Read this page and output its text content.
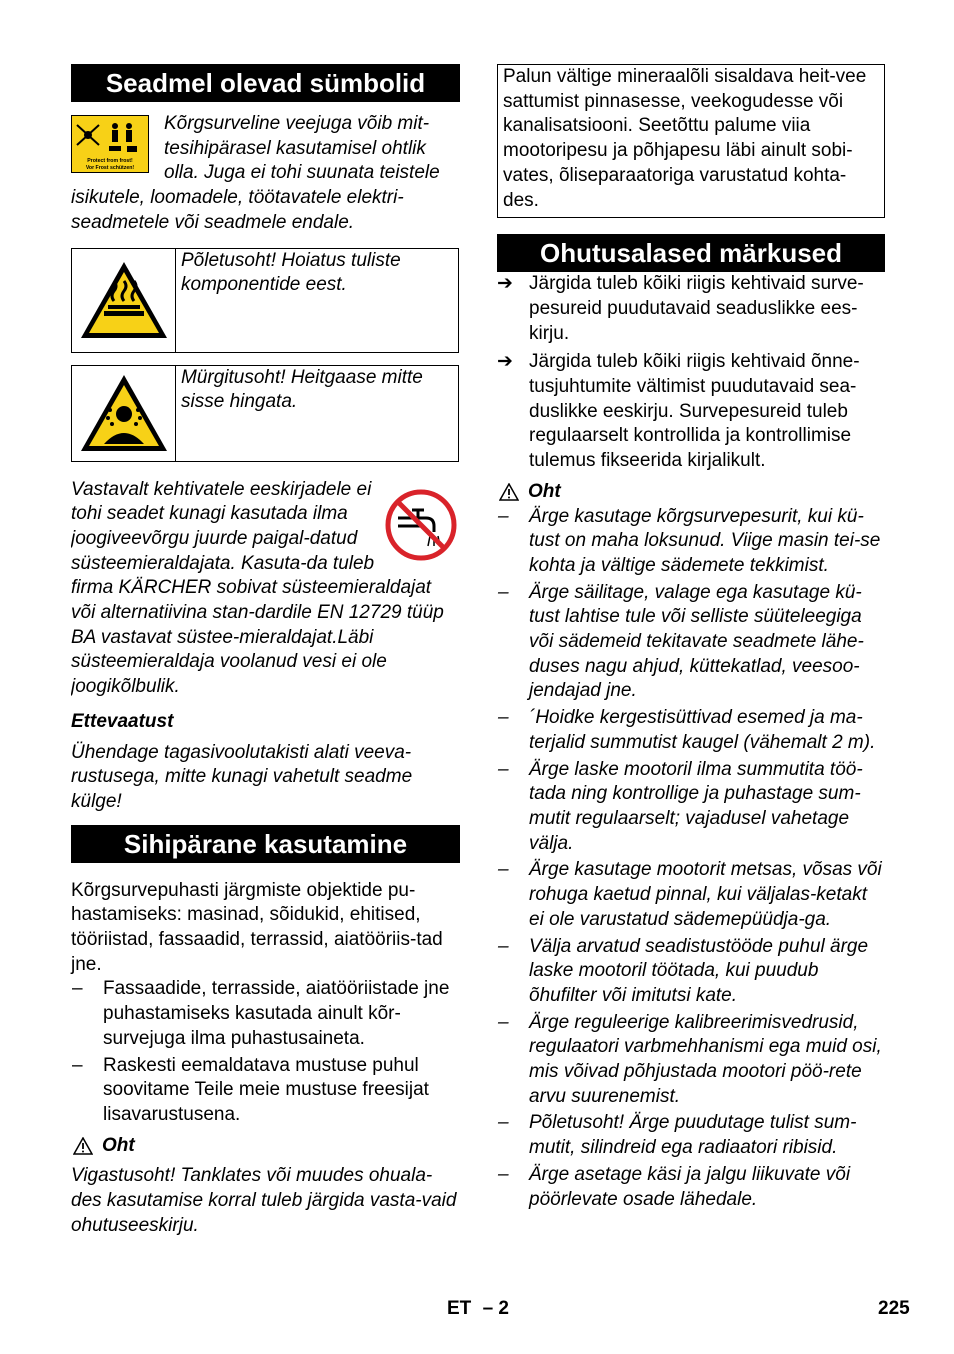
Seadmel olevad sümbolid
Protect from frost!
Vor Frost schützen!
Kõrgsurveline veejuga võib mit-
tesihipärasel kasutamisel ohtlik
olla. Juga ei tohi suunata teistele
isikutele, loomadele, töötavatele elektri-
seadmetele või seadmele endale.
Põletusoht! Hoiatus tuliste komponentide eest.
Mürgitusoht! Heitgaase mitte sisse hingata.

Vastavalt kehtivatele eeskirjadele ei tohi seadet kunagi kasutada ilma joogiveevõrgu juurde paigal-datud süsteemieraldajata. Kasuta-da tuleb firma KÄRCHER sobivat süsteemieraldajat või alternatiivina stan-dardile EN 12729 tüüp BA vastavat süstee-mieraldajat.Läbi süsteemieraldaja voolanud vesi ei ole joogikõlbulik.

Ettevaatust

Ühendage tagasivoolutakisti alati veeva-rustusega, mitte kunagi vahetult seadme külge!

Sihipärane kasutamine

Kõrgsurvepuhasti järgmiste objektide pu-hastamiseks: masinad, sõidukid, ehitised, tööriistad, fassaadid, terrassid, aiatööriis-tad jne.

– Fassaadide, terrasside, aiatööriistade jne puhastamiseks kasutada ainult kõr-survejuga ilma puhastusaineta.
– Raskesti eemaldatava mustuse puhul soovitame Teile meie mustuse freesijat lisavarustusena.
Oht

Vigastusoht! Tanklates või muudes ohuala-des kasutamise korral tuleb järgida vasta-vaid ohutuseeskirju.

Palun vältige mineraalõli sisaldava heit-vee sattumist pinnasesse, veekogudesse või kanalisatsiooni. Seetõttu palume viia mootoripesu ja põhjapesu läbi ainult sobi-vates, õliseparaatoriga varustatud kohta-des.

Ohutusalased märkused
➔ Järgida tuleb kõiki riigis kehtivaid surve-pesureid puudutavaid seaduslikke ees-kirju.
➔ Järgida tuleb kõiki riigis kehtivaid õnne-tusjuhtumite vältimist puudutavaid sea-duslikke eeskirju. Survepesureid tuleb regulaarselt kontrollida ja kontrollimise tulemus fikseerida kirjalikult.
Oht
– Ärge kasutage kõrgsurvepesurit, kui kü-tust on maha loksunud. Viige masin tei-se kohta ja vältige sädemete tekkimist.
– Ärge säilitage, valage ega kasutage kü-tust lahtise tule või selliste süüteleegiga või sädemeid tekitavate seadmete lähe-duses nagu ahjud, küttekatlad, veesoo-jendajad jne.
– ´Hoidke kergestisüttivad esemed ja ma-terjalid summutist kaugel (vähemalt 2 m).
– Ärge laske mootoril ilma summutita töö-tada ning kontrollige ja puhastage sum-mutit regulaarselt; vajadusel vahetage välja.
– Ärge kasutage mootorit metsas, võsas või rohuga kaetud pinnal, kui väljalas-ketakt ei ole varustatud sädemepüüdja-ga.
– Välja arvatud seadistustööde puhul ärge laske mootoril töötada, kui puudub õhufilter või imitutsi kate.
– Ärge reguleerige kalibreerimisvedrusid, regulaatori varbmehhanismi ega muid osi, mis võivad põhjustada mootori pöö-rete arvu suurenemist.
– Põletusoht! Ärge puudutage tulist sum-mutit, silindreid ega radiaatori ribisid.
– Ärge asetage käsi ja jalgu liikuvate või pöörlevate osade lähedale.
ET – 2	225
